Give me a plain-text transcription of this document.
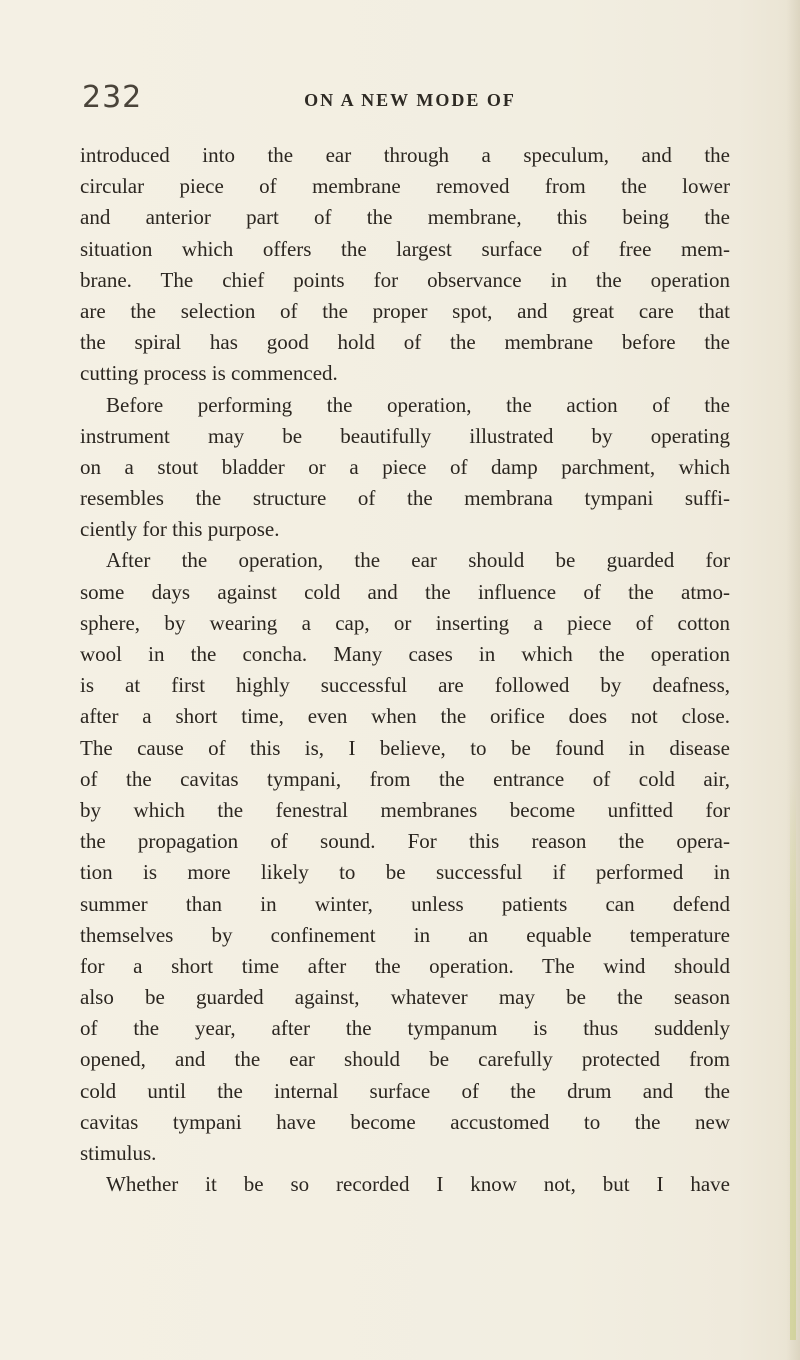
232	ON A NEW MODE OF
introduced into the ear through a speculum, and the
circular piece of membrane removed from the lower
and anterior part of the membrane, this being the
situation which offers the largest surface of free mem-
brane. The chief points for observance in the operation
are the selection of the proper spot, and great care that
the spiral has good hold of the membrane before the
cutting process is commenced.
Before performing the operation, the action of the
instrument may be beautifully illustrated by operating
on a stout bladder or a piece of damp parchment, which
resembles the structure of the membrana tympani suffi-
ciently for this purpose.
After the operation, the ear should be guarded for
some days against cold and the influence of the atmo-
sphere, by wearing a cap, or inserting a piece of cotton
wool in the concha. Many cases in which the operation
is at first highly successful are followed by deafness,
after a short time, even when the orifice does not close.
The cause of this is, I believe, to be found in disease
of the cavitas tympani, from the entrance of cold air,
by which the fenestral membranes become unfitted for
the propagation of sound. For this reason the opera-
tion is more likely to be successful if performed in
summer than in winter, unless patients can defend
themselves by confinement in an equable temperature
for a short time after the operation. The wind should
also be guarded against, whatever may be the season
of the year, after the tympanum is thus suddenly
opened, and the ear should be carefully protected from
cold until the internal surface of the drum and the
cavitas tympani have become accustomed to the new
stimulus.
Whether it be so recorded I know not, but I have
